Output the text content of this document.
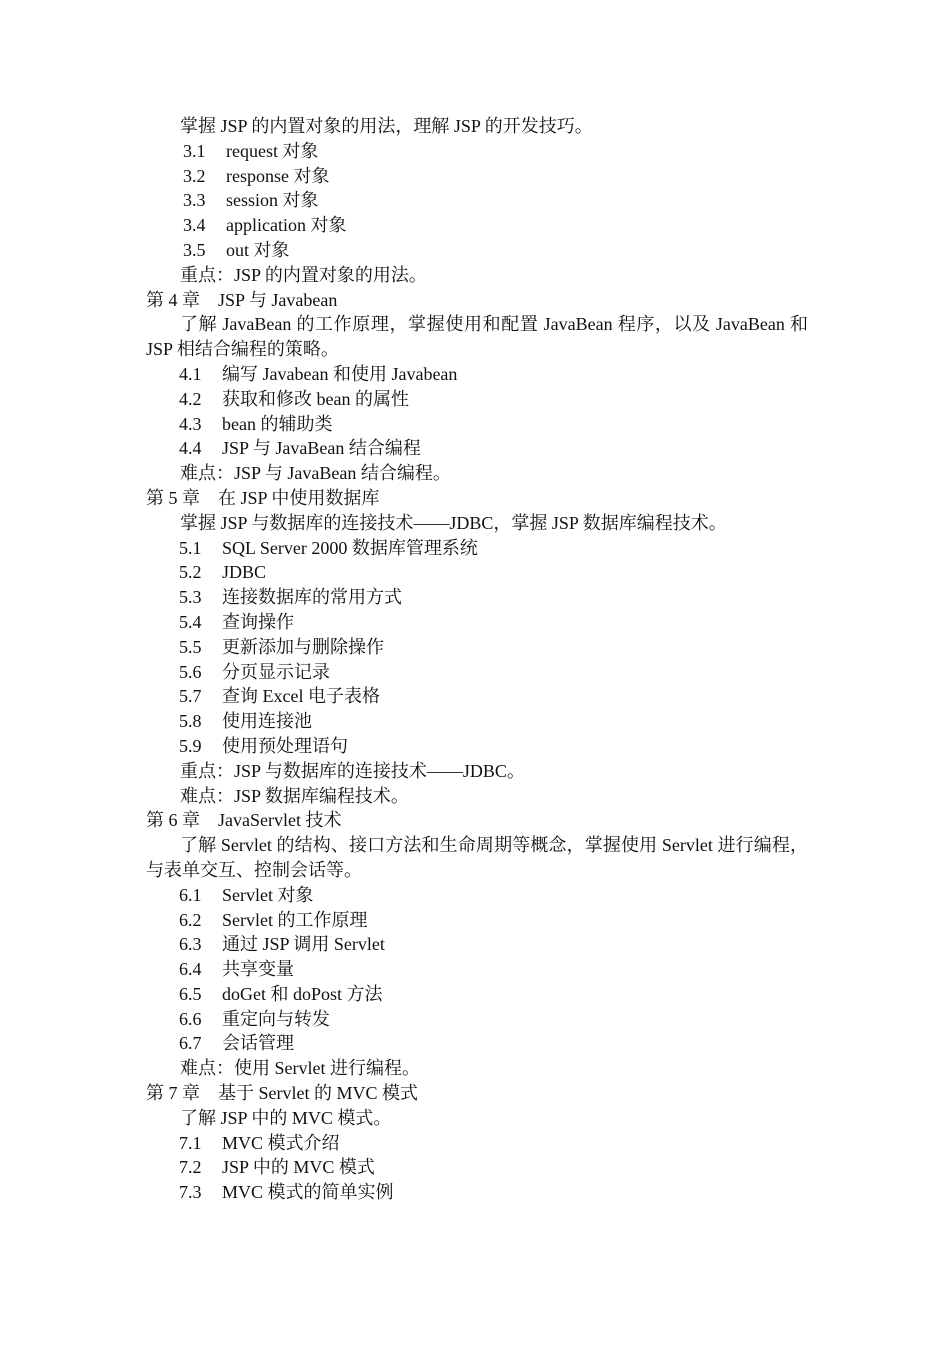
掌握 JSP 的内置对象的用法，理解 JSP 的开发技巧。
3.1 request 对象
3.2 response 对象
3.3 session 对象
3.4 application 对象
3.5 out 对象
重点：JSP 的内置对象的用法。
第 4 章　JSP 与 Javabean
了解 JavaBean 的工作原理，掌握使用和配置 JavaBean 程序，以及 JavaBean 和 JSP 相结合编程的策略。
4.1 编写 Javabean 和使用 Javabean
4.2 获取和修改 bean 的属性
4.3 bean 的辅助类
4.4 JSP 与 JavaBean 结合编程
难点：JSP 与 JavaBean 结合编程。
第 5 章　在 JSP 中使用数据库
掌握 JSP 与数据库的连接技术——JDBC，掌握 JSP 数据库编程技术。
5.1 SQL Server 2000 数据库管理系统
5.2 JDBC
5.3 连接数据库的常用方式
5.4 查询操作
5.5 更新添加与删除操作
5.6 分页显示记录
5.7 查询 Excel 电子表格
5.8 使用连接池
5.9 使用预处理语句
重点：JSP 与数据库的连接技术——JDBC。
难点：JSP 数据库编程技术。
第 6 章　JavaServlet 技术
了解 Servlet 的结构、接口方法和生命周期等概念，掌握使用 Servlet 进行编程，与表单交互、控制会话等。
6.1 Servlet 对象
6.2 Servlet 的工作原理
6.3 通过 JSP 调用 Servlet
6.4 共享变量
6.5 doGet 和 doPost 方法
6.6 重定向与转发
6.7 会话管理
难点：使用 Servlet 进行编程。
第 7 章　基于 Servlet 的 MVC 模式
了解 JSP 中的 MVC 模式。
7.1 MVC 模式介绍
7.2 JSP 中的 MVC 模式
7.3 MVC 模式的简单实例
